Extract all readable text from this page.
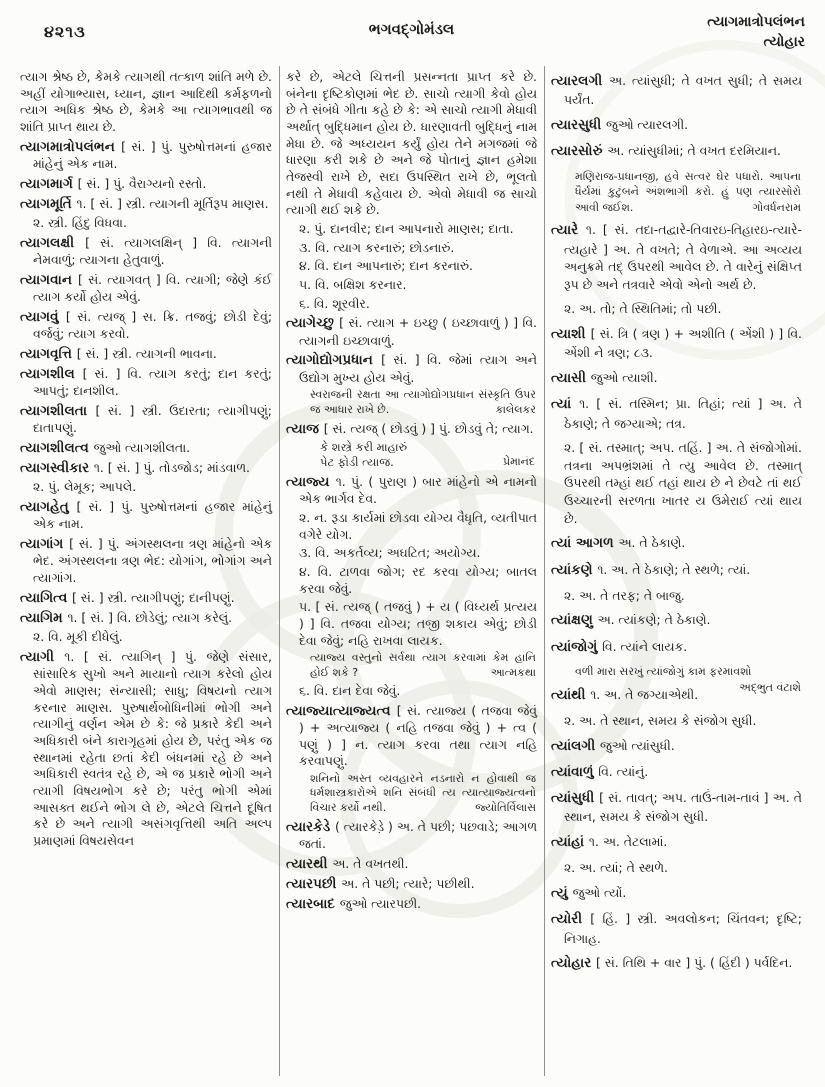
૪૨૧૩	ભગવદ્ગોમંડલ	ત્યાગમાત્રોપલંભન
ત્યોહાર
ત્યાગ શ્રેષ્ઠ છે, કેમકે ત્યાગથી તત્કાળ શાંતિ મળે છે. અહીં યોગાભ્યાસ, ધ્યાન, જ્ઞાન આદિથી કર્મફળનો ત્યાગ અધિક શ્રેષ્ઠ છે, કેમકે આ ત્યાગભાવથી જ શાંતિ પ્રાપ્ત થાય છે.
ત્યાગમાત્રોપલંભન [ સં. ] પું. પુરુષોત્તમનાં હજાર માંહેનું એક નામ.
ત્યાગમાર્ગ [ સં. ] પું. વૈરાગ્યનો રસ્તો.
ત્યાગમૂર્તિ ૧. [ સં. ] સ્ત્રી. ત્યાગની મૂર્તિરૂપ માણસ.
૨. સ્ત્રી. હિંદુ વિધવા.
ત્યાગલક્ષી [ સં. ત્યાગલક્ષિન્ ] વિ. ત્યાગની નેમવાળું; ત્યાગના હેતુવાળું.
ત્યાગવાન [ સં. ત્યાગવત્ ] વિ. ત્યાગી; જેણે કંઈ ત્યાગ કર્યો હોય એવું.
ત્યાગવું [ સં. ત્યજ્ ] સ. ક્રિ. તજવું; છોડી દેવું; વર્જવું; ત્યાગ કરવો.
ત્યાગવૃત્તિ [ સં. ] સ્ત્રી. ત્યાગની ભાવના.
ત્યાગશીલ [ સં. ] વિ. ત્યાગ કરતું; દાન કરતું; આપતું; દાનશીલ.
ત્યાગશીલતા [ સં. ] સ્ત્રી. ઉદારતા; ત્યાગીપણું; દાતાપણું.
ત્યાગશીલત્વ જુઓ ત્યાગશીલતા.
ત્યાગસ્વીકાર ૧. [ સં. ] પું. તોડજોડ; માંડવાળ.
૨. પું. લેમૂક; આપલે.
ત્યાગહેતુ [ સં. ] પું. પુરુષોત્તમનાં હજાર માંહેનું એક નામ.
ત્યાગાંગ [ સં. ] પું. અંગસ્થલના ત્રણ માંહેનો એક ભેદ. અંગસ્થલના ત્રણ ભેદ: યોગાંગ, ભોગાંગ અને ત્યાગાંગ.
ત્યાગિત્વ [ સં. ] સ્ત્રી. ત્યાગીપણું; દાનીપણું.
ત્યાગિમ ૧. [ સં. ] વિ. છોડેલું; ત્યાગ કરેલું.
૨. વિ. મૂકી દીધેલું.
ત્યાગી ૧. [ સં. ત્યાગિન્ ] પું. જેણે સંસાર, સાંસારિક સુખો અને માયાનો ત્યાગ કરેલો હોય એવો માણસ; સંન્યાસી; સાધુ; વિષયનો ત્યાગ કરનાર માણસ. પુરુષાર્થબોધિનીમાં ભોગી અને ત્યાગીનું વર્ણન એમ છે કે: જે પ્રકારે કેદી અને અધિકારી બંને કારાગૃહમાં હોય છે, પરંતુ એક જ સ્થાનમાં રહેતા છતાં કેદી બંધનમાં રહે છે અને અધિકારી સ્વતંત્ર રહે છે, એ જ પ્રકારે ભોગી અને ત્યાગી વિષયભોગ કરે છે; પરંતુ ભોગી એમાં આસક્ત થઈને ભોગ લે છે, એટલે ચિત્તને દૂષિત કરે છે અને ત્યાગી અસંગવૃત્તિથી અતિ અલ્પ પ્રમાણમાં વિષયસેવન
કરે છે, એટલે ચિત્તની પ્રસન્નતા પ્રાપ્ત કરે છે. બંનેના દૃષ્ટિકોણમાં ભેદ છે. સાચો ત્યાગી કેવો હોય છે તે સંબંધે ગીતા કહે છે કે: એ સાચો ત્યાગી મેધાવી અર્થાત્ બુદ્ધિમાન હોય છે. ધારણાવતી બુદ્ધિનું નામ મેધા છે. જે અધ્યયન કર્યું હોય તેને મગજમાં જે ધારણા કરી શકે છે અને જે પોતાનું જ્ઞાન હમેશા તેજસ્વી રાખે છે, સદા ઉપસ્થિત રાખે છે, ભૂલતો નથી તે મેધાવી કહેવાય છે. એવો મેધાવી જ સાચો ત્યાગી થઈ શકે છે.
૨. પું. દાનવીર; દાન આપનારો માણસ; દાતા.
૩. વિ. ત્યાગ કરનારું; છોડનારું.
૪. વિ. દાન આપનારું; દાન કરનારું.
૫. વિ. બક્ષિશ કરનાર.
૬. વિ. શૂરવીર.
ત્યાગેચ્છુ [ સં. ત્યાગ + ઇચ્છુ ( ઇચ્છાવાળું ) ] વિ. ત્યાગની ઇચ્છાવાળું.
ત્યાગોદ્યોગપ્રધાન [ સં. ] વિ. જેમાં ત્યાગ અને ઉદ્યોગ મુખ્ય હોય એવું.
સ્વરાજની રક્ષતા આ ત્યાગોદ્યોગપ્રધાન સંસ્કૃતિ ઉપર જ આધાર રાખે છે.	કાલેલકર
ત્યાજ [ સં. ત્યજ્ ( છોડવું ) ] પું. છોડવું તે; ત્યાગ.
કે શસ્ત્રે કરી માહારું
પેટ ફોડી ત્યાજ.	પ્રેમાનંદ
ત્યાજ્ય ૧. પું. ( પુરાણ ) બાર માંહેનો એ નામનો એક ભાર્ગવ દેવ.
૨. ન. રૂડા કાર્યમાં છોડવા યોગ્ય વૈધૃતિ, વ્યતીપાત વગેરે યોગ.
૩. વિ. અકર્તવ્ય; અઘટિત; અયોગ્ય.
૪. વિ. ટાળવા જોગ; રદ કરવા યોગ્ય; બાતલ કરવા જેવું.
૫. [ સં. ત્યજ્ ( તજવું ) + ય ( વિધ્યર્થ પ્રત્યય ) ] વિ. તજવા યોગ્ય; તજી શકાય એવું; છોડી દેવા જેવું; નહિ રાખવા લાયક.
ત્યાજ્ય વસ્તુનો સર્વથા ત્યાગ કરવામાં કેમ હાનિ હોઈ શકે ?	આત્મકથા
૬. વિ. દાન દેવા જેવું.
ત્યાજ્યાત્યાજ્યત્વ [ સં. ત્યાજ્ય ( તજવા જેવું ) + અત્યાજ્ય ( નહિ તજવા જેવું ) + ત્વ ( પણું ) ] ન. ત્યાગ કરવા તથા ત્યાગ નહિ કરવાપણું.
શનિનો અસ્ત વ્યવહારને નડનારો ન હોવાથી જ ધર્મશાસ્ત્રકારોએ શનિ સંબંધી ત્ય ત્યાત્યાજ્યત્વનો વિચાર કર્યો નથી.	જ્યોતિર્વિલાસ
ત્યારકેડે ( ત્યારકેડ઼ે ) અ. તે પછી; પછવાડે; આગળ જતાં.
ત્યારથી અ. તે વખતથી.
ત્યારપછી અ. તે પછી; ત્યારે; પછીથી.
ત્યારબાદ જુઓ ત્યારપછી.
ત્યારલગી અ. ત્યાંસુધી; તે વખત સુધી; તે સમય પર્યંત.
ત્યારસુધી જુઓ ત્યારલગી.
ત્યારસોરું અ. ત્યાંસુધીમાં; તે વખત દરમિયાન.
મણિરાજ-પ્રધાનજી, હવે સત્વર ઘેર પધારો. આપના ધૈર્યમાં કુટુંબને અંશભાગી કરો. હું પણ ત્યારસોરો આવી જઈશ.	ગોવર્ધનરામ
ત્યારે ૧. [ સં. તદા-તદ્વારે-તિવારઇ-તિહારઇ-ત્યારે-ત્યહારે ] અ. તે વખતે; તે વેળાએ. આ અવ્યય અનુક્રમે તદ્ ઉપરથી આવેલ છે. તે વારેનું સંક્ષિપ્ત રૂપ છે અને તત્રવારે એવો એનો અર્થ છે.
૨. અ. તો; તે સ્થિતિમાં; તો પછી.
ત્યાશી [ સં. ત્રિ ( ત્રણ ) + અશીતિ ( એંશી ) ] વિ. એંશી ને ત્રણ; ૮૩.
ત્યાસી જુઓ ત્યાશી.
ત્યાં ૧. [ સં. તસ્મિન; પ્રા. તિહાં; ત્યાં ] અ. તે ઠેકાણે; તે જગ્યાએ; તત્ર.
૨. [ સં. તસ્માત્; અપ. તહિં. ] અ. તે સંજોગોમાં. તત્રના અપભ્રંશમાં તે ત્યુ આવેલ છે. તસ્માત્ ઉપરથી તમ્હાં થઈ તહાં થાય છે ને છેવટે તાં થઈ ઉચ્ચારની સરળતા ખાતર ય ઉમેરાઈ ત્યાં થાય છે.
ત્યાં આગળ અ. તે ઠેકાણે.
ત્યાંકણે ૧. અ. તે ઠેકાણે; તે સ્થળે; ત્યાં.
૨. અ. તે તરફ; તે બાજુ.
ત્યાંક્ષણુ અ. ત્યાંકણે; તે ઠેકાણે.
ત્યાંજોગું વિ. ત્યાંને લાયક.
વળી મારા સરખું ત્યાંજોગું કામ ફરમાવશો
અદ્ભુત વંટાશે
ત્યાંથી ૧. અ. તે જગ્યાએથી.
૨. અ. તે સ્થાન, સમય કે સંજોગ સુધી.
ત્યાંલગી જુઓ ત્યાંસુધી.
ત્યાંવાળું વિ. ત્યાંનું.
ત્યાંસુધી [ સં. તાવત્; અપ. તાઉં-તામ-તાવં ] અ. તે સ્થાન, સમય કે સંજોગ સુધી.
ત્યાંહાં ૧. અ. તેટલામાં.
૨. અ. ત્યાં; તે સ્થળે.
ત્યું જુઓ ત્યોં.
ત્યોરી [ હિં. ] સ્ત્રી. અવલોકન; ચિંતવન; દૃષ્ટિ; નિગાહ.
ત્યોહાર [ સં. તિથિ + વાર ] પું. ( હિંદી ) પર્વદિન.
